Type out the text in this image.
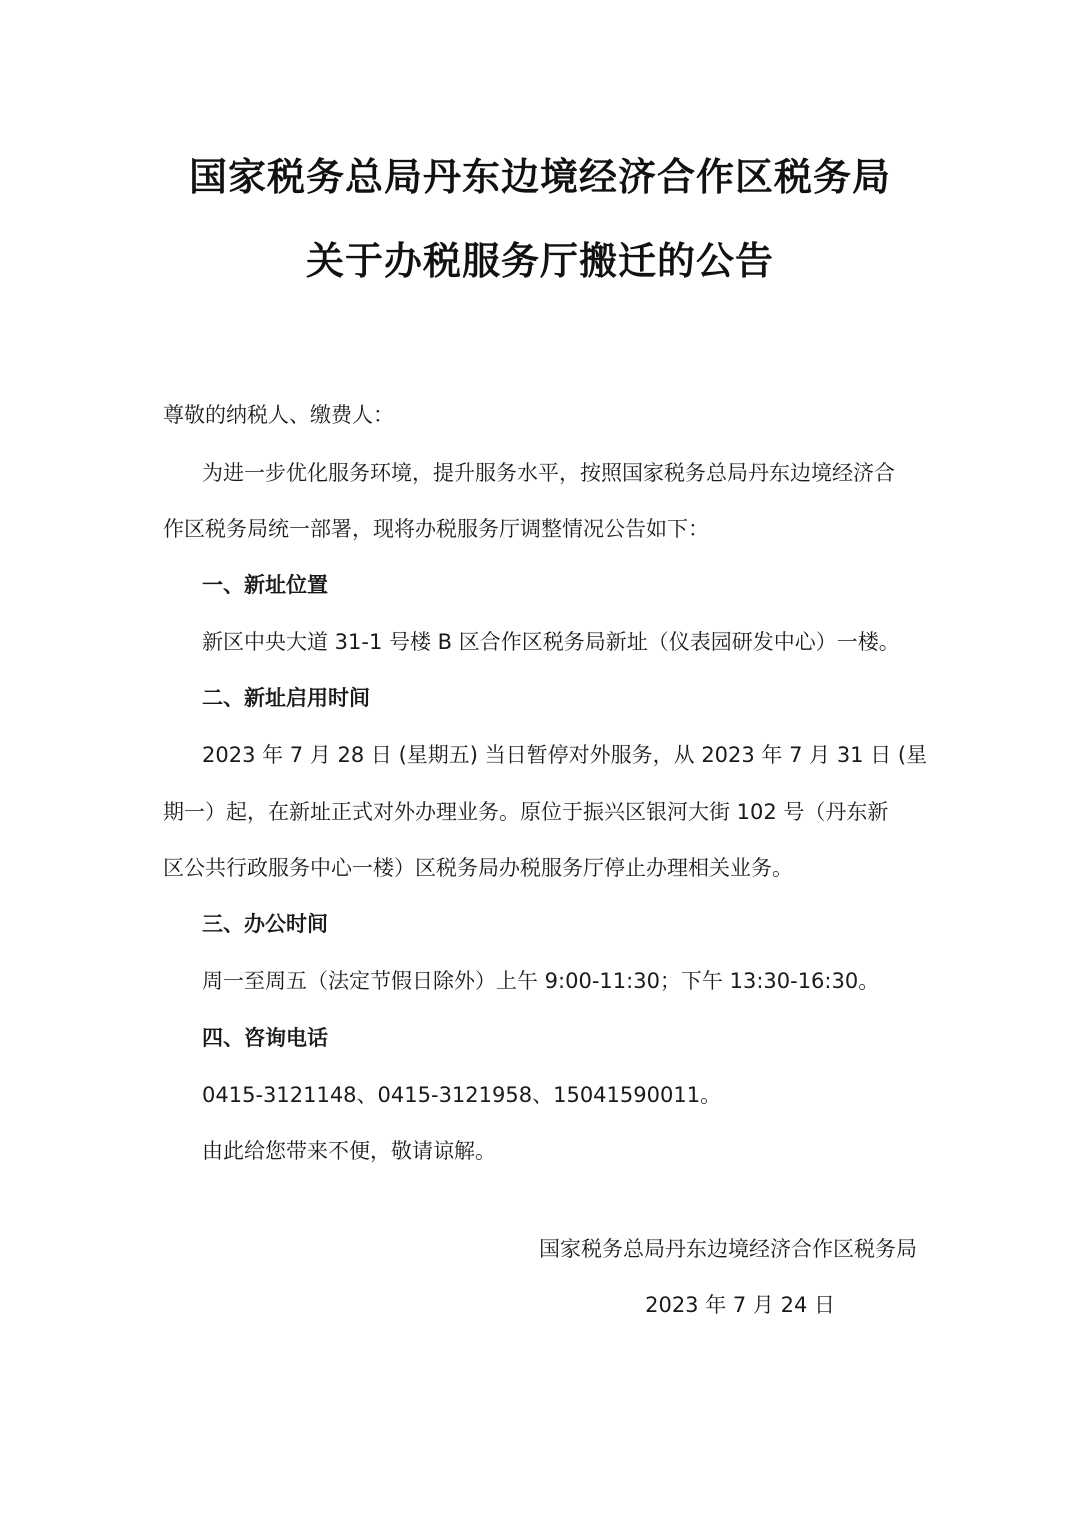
国家税务总局丹东边境经济合作区税务局
关于办税服务厅搬迁的公告
尊敬的纳税人、缴费人：
为进一步优化服务环境，提升服务水平，按照国家税务总局丹东边境经济合
作区税务局统一部署，现将办税服务厅调整情况公告如下：
一、新址位置
新区中央大道 31-1 号楼 B 区合作区税务局新址（仪表园研发中心）一楼。
二、新址启用时间
2023 年 7 月 28 日 (星期五) 当日暂停对外服务，从 2023 年 7 月 31 日 (星
期一）起，在新址正式对外办理业务。原位于振兴区银河大街 102 号（丹东新
区公共行政服务中心一楼）区税务局办税服务厅停止办理相关业务。
三、办公时间
周一至周五（法定节假日除外）上午 9:00-11:30；下午 13:30-16:30。
四、咨询电话
0415-3121148、0415-3121958、15041590011。
由此给您带来不便，敬请谅解。
国家税务总局丹东边境经济合作区税务局
2023 年 7 月 24 日
